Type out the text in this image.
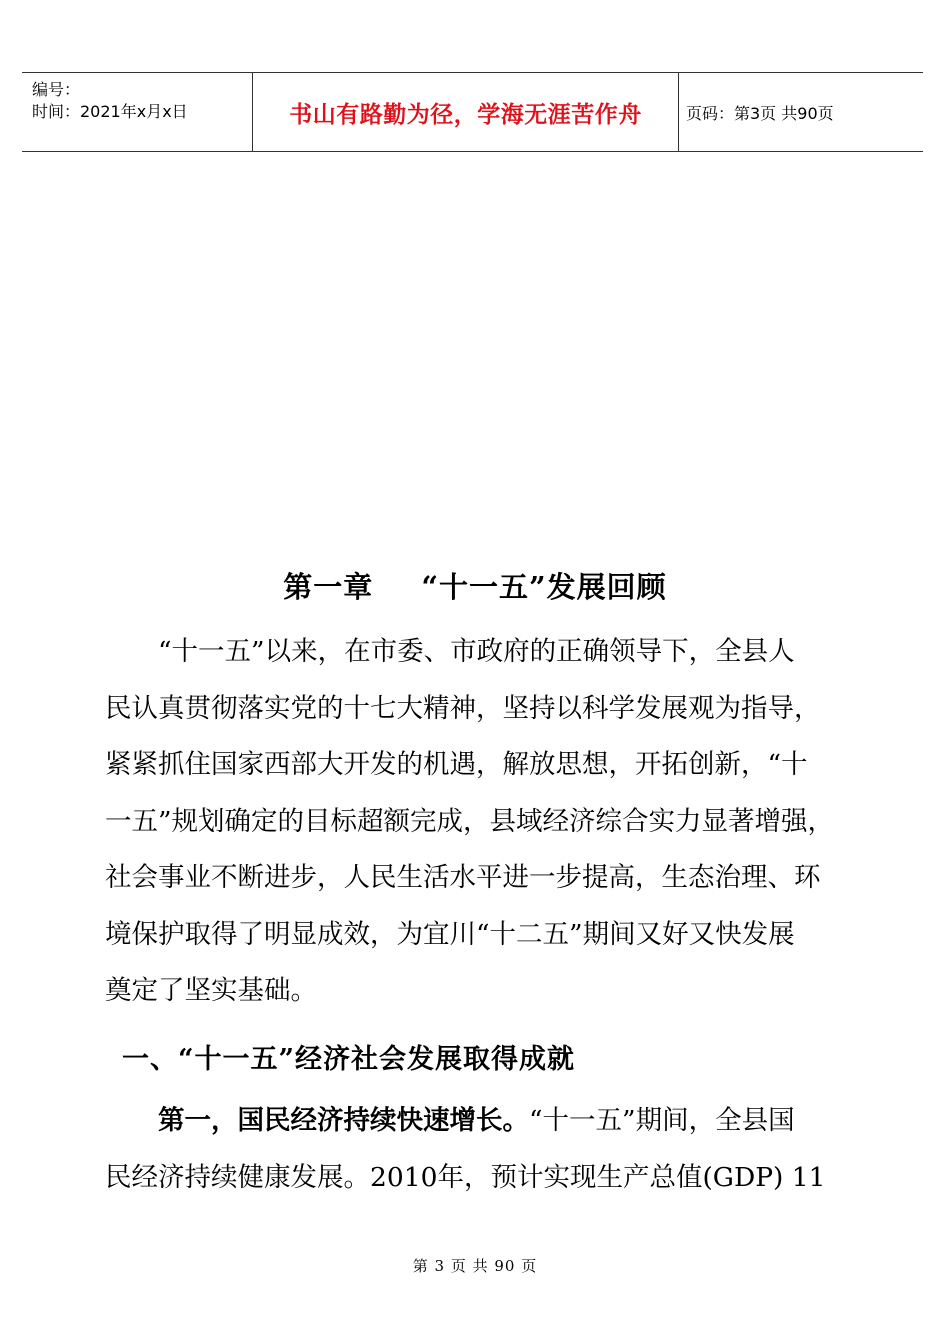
编号：
时间：2021年x月x日	书山有路勤为径，学海无涯苦作舟	页码：第3页 共90页
第一章 “十一五”发展回顾
“十一五”以来，在市委、市政府的正确领导下，全县人
民认真贯彻落实党的十七大精神，坚持以科学发展观为指导，
紧紧抓住国家西部大开发的机遇，解放思想，开拓创新，“十
一五”规划确定的目标超额完成，县域经济综合实力显著增强，
社会事业不断进步，人民生活水平进一步提高，生态治理、环
境保护取得了明显成效，为宜川“十二五”期间又好又快发展
奠定了坚实基础。
一、“十一五”经济社会发展取得成就
第一，国民经济持续快速增长。“十一五”期间，全县国
民经济持续健康发展。2010年，预计实现生产总值(GDP) 11
第 3 页 共 90 页
